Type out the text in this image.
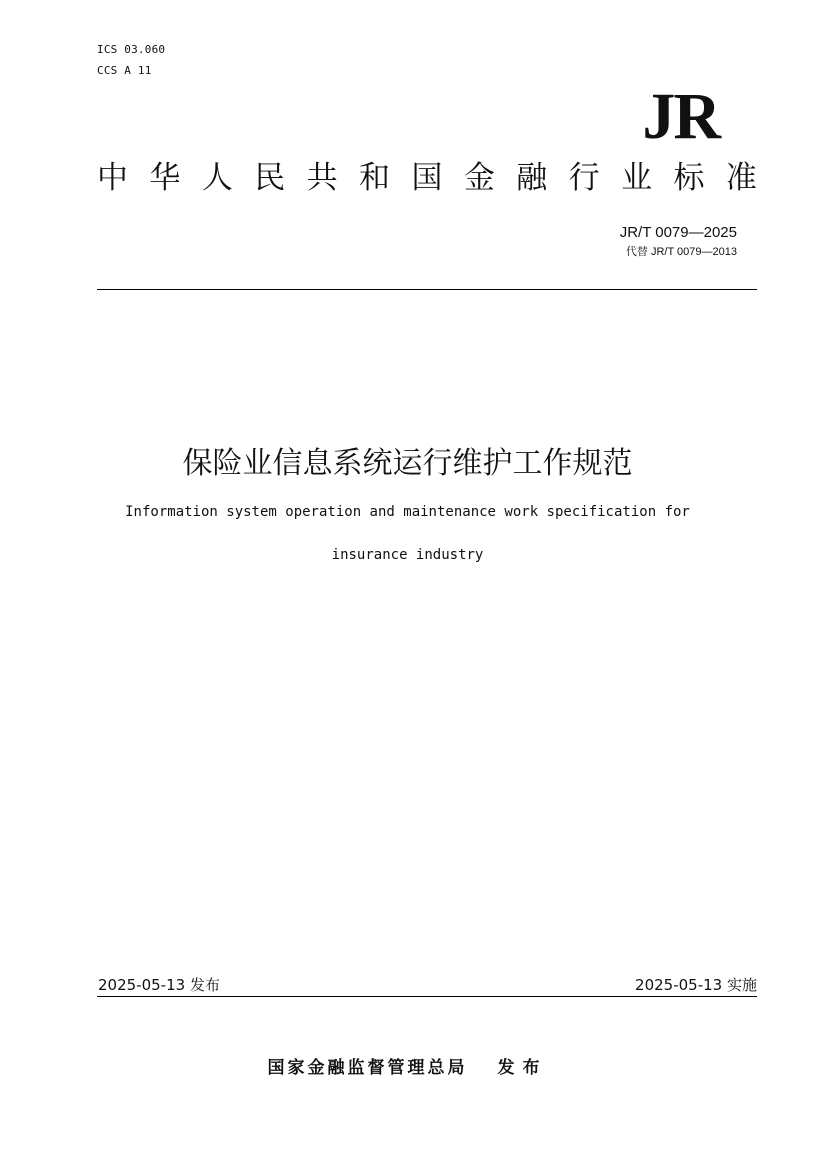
ICS 03.060
CCS A 11
JR
中 华 人 民 共 和 国 金 融 行 业 标 准
JR/T 0079—2025
代替 JR/T 0079—2013
保险业信息系统运行维护工作规范
Information system operation and maintenance work specification for
insurance industry
2025-05-13 发布	2025-05-13 实施
国家金融监督管理总局 发布
